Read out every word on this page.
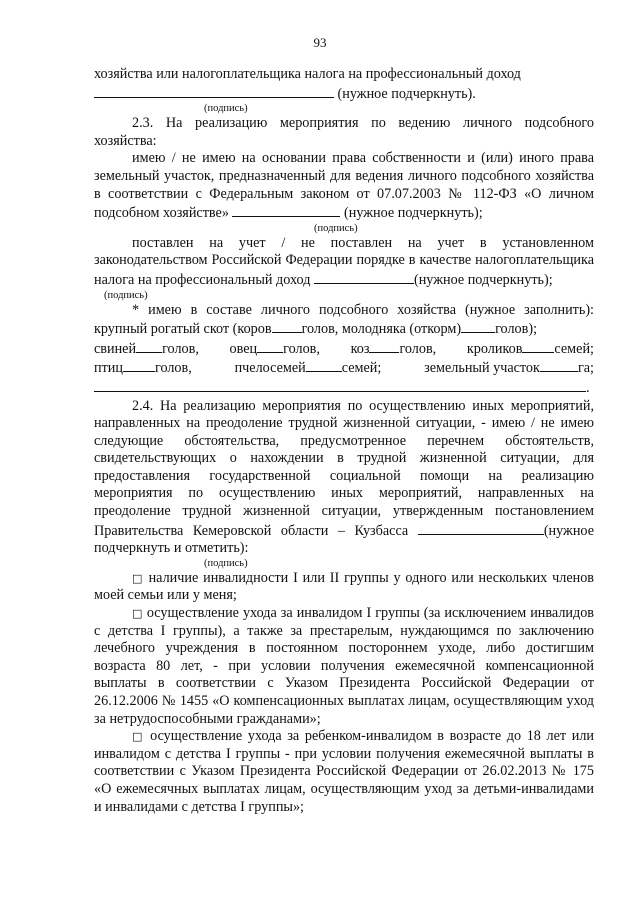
93
хозяйства или налогоплательщика налога на профессиональный доход
(нужное подчеркнуть).
(подпись)
2.3. На реализацию мероприятия по ведению личного подсобного хозяйства:
имею / не имею на основании права собственности и (или) иного права земельный участок, предназначенный для ведения личного подсобного хозяйства в соответствии с Федеральным законом от 07.07.2003 № 112-ФЗ «О личном подсобном хозяйстве»	(нужное подчеркнуть);
(подпись)
поставлен на учет / не поставлен на учет в установленном законодательством Российской Федерации порядке в качестве налогоплательщика налога на профессиональный доход	(нужное подчеркнуть);
(подпись)
* имею в составе личного подсобного хозяйства (нужное заполнить): крупный рогатый скот (коров голов, молодняка (откорм) голов);
свиней голов, овец голов, коз голов, кроликов семей;
птиц голов,	пчелосемей	семей;	земельный участок	га;
.
2.4. На реализацию мероприятия по осуществлению иных мероприятий, направленных на преодоление трудной жизненной ситуации, - имею / не имею следующие обстоятельства, предусмотренное перечнем обстоятельств, свидетельствующих о нахождении в трудной жизненной ситуации, для предоставления государственной социальной помощи на реализацию мероприятия по осуществлению иных мероприятий, направленных на преодоление трудной жизненной ситуации, утвержденным постановлением Правительства Кемеровской области – Кузбасса	(нужное подчеркнуть и отметить):
(подпись)
□ наличие инвалидности I или II группы у одного или нескольких членов моей семьи или у меня;
□ осуществление ухода за инвалидом I группы (за исключением инвалидов с детства I группы), а также за престарелым, нуждающимся по заключению лечебного учреждения в постоянном постороннем уходе, либо достигшим возраста 80 лет, - при условии получения ежемесячной компенсационной выплаты в соответствии с Указом Президента Российской Федерации от 26.12.2006 № 1455 «О компенсационных выплатах лицам, осуществляющим уход за нетрудоспособными гражданами»;
□ осуществление ухода за ребенком-инвалидом в возрасте до 18 лет или инвалидом с детства I группы - при условии получения ежемесячной выплаты в соответствии с Указом Президента Российской Федерации от 26.02.2013 № 175 «О ежемесячных выплатах лицам, осуществляющим уход за детьми-инвалидами и инвалидами с детства I группы»;
